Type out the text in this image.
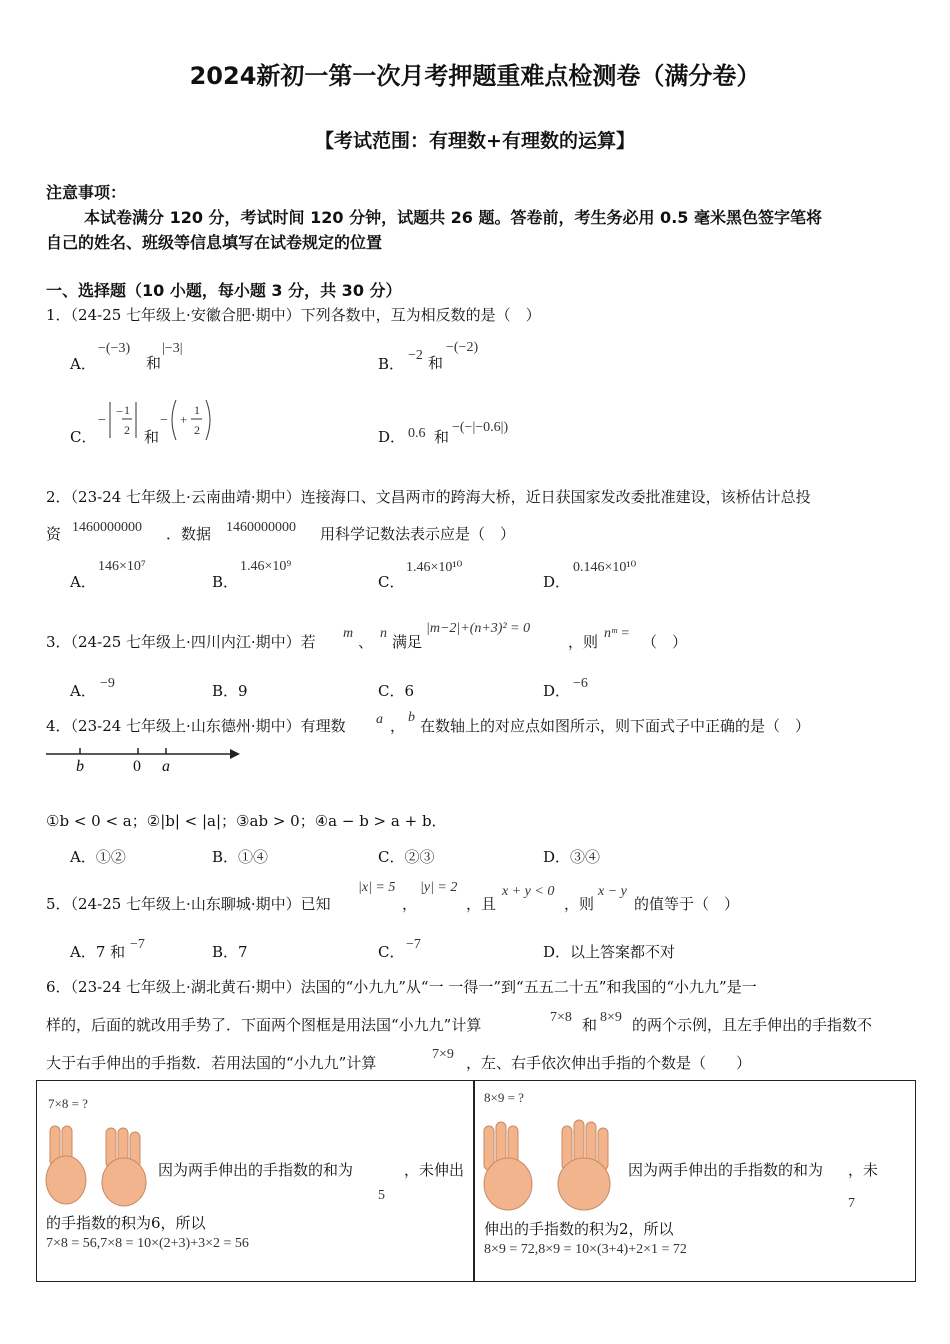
2024新初一第一次月考押题重难点检测卷（满分卷）
【考试范围：有理数+有理数的运算】
注意事项：
本试卷满分 120 分，考试时间 120 分钟，试题共 26 题。答卷前，考生务必用 0.5 毫米黑色签字笔将
自己的姓名、班级等信息填写在试卷规定的位置
一、选择题（10 小题，每小题 3 分，共 30 分）
1．（24-25 七年级上·安徽合肥·期中）下列各数中，互为相反数的是（　）
A．
−(−3)
和
|−3|
B． −2 和
−(−2)
C．
−
− 1
2 和
− +
1
2	D． 0.6 和
−(−|−0.6|)
2．（23-24 七年级上·云南曲靖·期中）连接海口、文昌两市的跨海大桥，近日获国家发改委批准建设，该桥估计总投
资 1460000000 ．数据 1460000000 用科学记数法表示应是（　）
A．
146×10⁷
B．
1.46×10⁹
C．
1.46×10¹⁰
D．
0.146×10¹⁰
3．（24-25 七年级上·四川内江·期中）若 m 、 n 满足
|m−2|+(n+3)² = 0
，则 nᵐ = （　）
A． −9	B．9	C．6	D． −6
4．（23-24 七年级上·山东德州·期中）有理数 a ， b 在数轴上的对应点如图所示，则下面式子中正确的是（　）
b	0 a
①b < 0 < a；②|b| < |a|；③ab > 0；④a − b > a + b．
A．①②	B．①④	C．②③	D．③④
5．（24-25 七年级上·山东聊城·期中）已知
|x| = 5
，
|y| = 2
，且
x + y < 0
，则
x − y
的值等于（　）
A．7 和 −7	B．7	C． −7	D．以上答案都不对
6．（23-24 七年级上·湖北黄石·期中）法国的“小九九”从“一 一得一”到“五五二十五”和我国的“小九九”是一
样的，后面的就改用手势了．下面两个图框是用法国“小九九”计算	7×8 和 8×9 的两个示例，且左手伸出的手指数不
大于右手伸出的手指数．若用法国的“小九九”计算	7×9 ，左、右手依次伸出手指的个数是（　　）
7×8 = ?
因为两手伸出的手指数的和为	，未伸出
5
的手指数的积为6，所以
7×8 = 56,7×8 = 10×(2+3)+3×2 = 56
8×9 = ?
因为两手伸出的手指数的和为 ，未
7
伸出的手指数的积为2，所以
8×9 = 72,8×9 = 10×(3+4)+2×1 = 72
